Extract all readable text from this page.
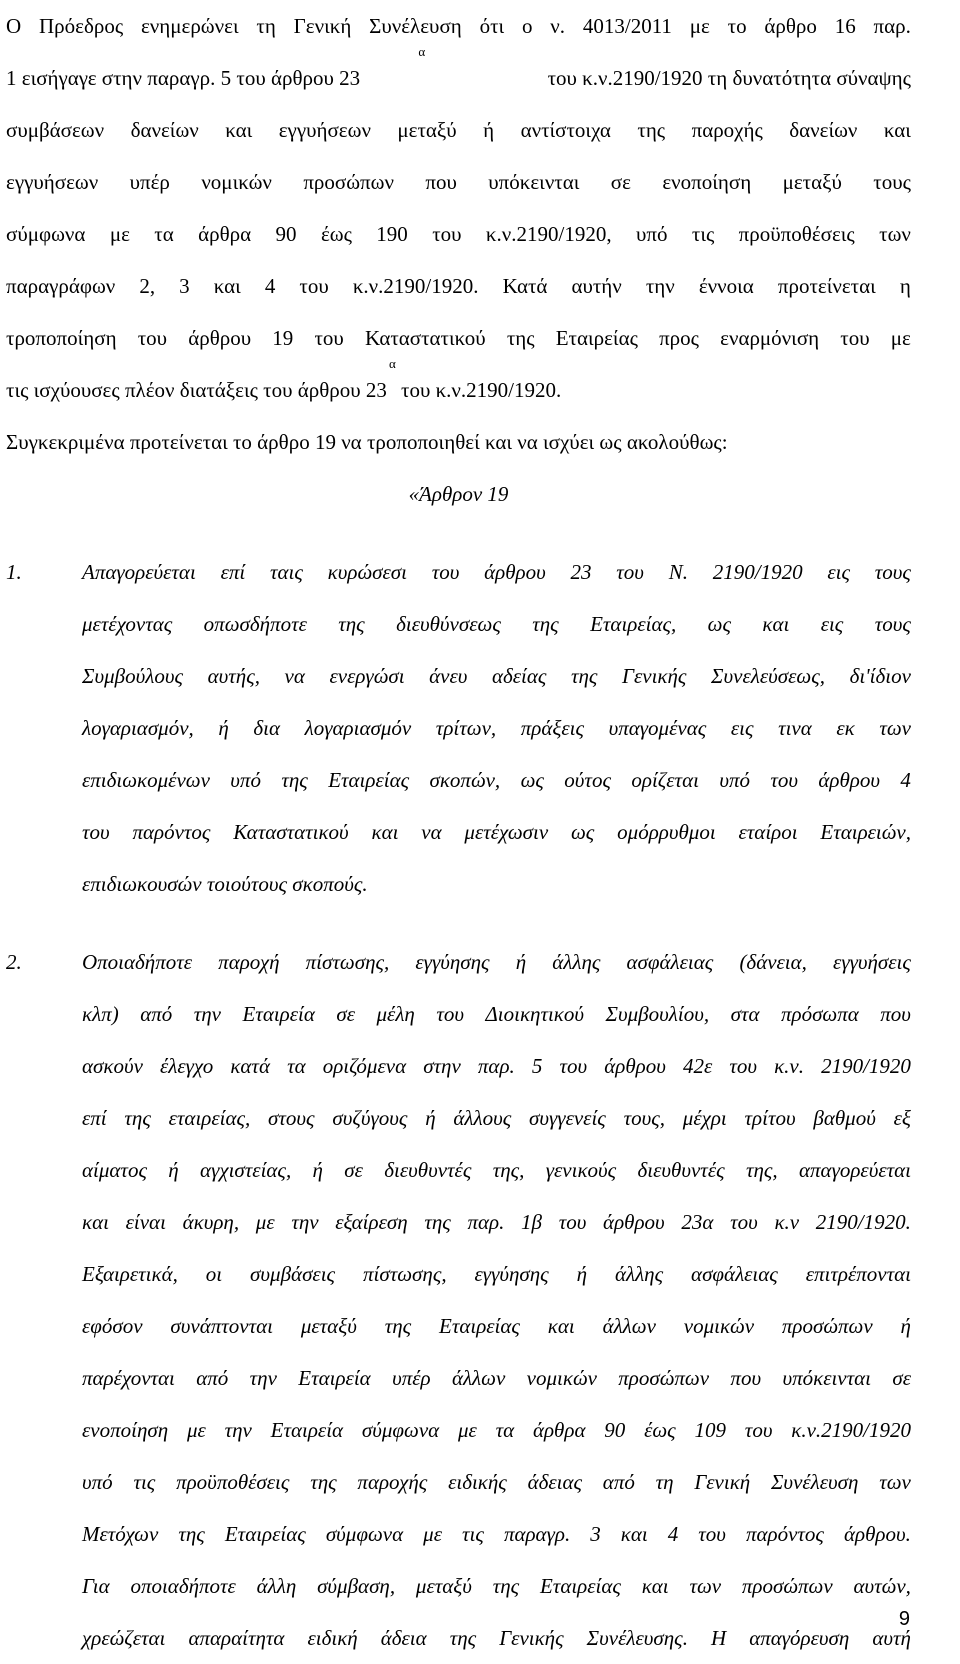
Ο Πρόεδρος ενημερώνει τη Γενική Συνέλευση ότι ο ν. 4013/2011 με το άρθρο 16 παρ.
1 εισήγαγε στην παραγρ. 5 του άρθρου 23
α
του κ.ν.2190/1920 τη δυνατότητα σύναψης
συμβάσεων δανείων και εγγυήσεων μεταξύ ή αντίστοιχα της παροχής δανείων και
εγγυήσεων υπέρ νομικών προσώπων που υπόκεινται σε ενοποίηση μεταξύ τους
σύμφωνα με τα άρθρα 90 έως 190 του κ.ν.2190/1920, υπό τις προϋποθέσεις των
παραγράφων 2, 3 και 4 του κ.ν.2190/1920. Κατά αυτήν την έννοια προτείνεται η
τροποποίηση του άρθρου 19 του Καταστατικού της Εταιρείας προς εναρμόνιση του με
τις ισχύουσες πλέον διατάξεις του άρθρου 23
α

του κ.ν.2190/1920.
Συγκεκριμένα προτείνεται το άρθρο 19 να τροποποιηθεί και να ισχύει ως ακολούθως:
«Άρθρον 19
1.	Απαγορεύεται επί ταις κυρώσεσι του άρθρου 23 του Ν. 2190/1920 εις τους
μετέχοντας οπωσδήποτε της διευθύνσεως της Εταιρείας, ως και εις τους
Συμβούλους αυτής, να ενεργώσι άνευ αδείας της Γενικής Συνελεύσεως, δι'ίδιον
λογαριασμόν, ή δια λογαριασμόν τρίτων, πράξεις υπαγομένας εις τινα εκ των
επιδιωκομένων υπό της Εταιρείας σκοπών, ως ούτος ορίζεται υπό του άρθρου 4
του παρόντος Καταστατικού και να μετέχωσιν ως ομόρρυθμοι εταίροι Εταιρειών,
επιδιωκουσών τοιούτους σκοπούς.
2.	Οποιαδήποτε παροχή πίστωσης, εγγύησης ή άλλης ασφάλειας (δάνεια, εγγυήσεις
κλπ) από την Εταιρεία σε μέλη του Διοικητικού Συμβουλίου, στα πρόσωπα που
ασκούν έλεγχο κατά τα οριζόμενα στην παρ. 5 του άρθρου 42ε του κ.ν. 2190/1920
επί της εταιρείας, στους συζύγους ή άλλους συγγενείς τους, μέχρι τρίτου βαθμού εξ
αίματος ή αγχιστείας, ή σε διευθυντές της, γενικούς διευθυντές της, απαγορεύεται
και είναι άκυρη, με την εξαίρεση της παρ. 1β του άρθρου 23α του κ.ν 2190/1920.
Εξαιρετικά, οι συμβάσεις πίστωσης, εγγύησης ή άλλης ασφάλειας επιτρέπονται
εφόσον συνάπτονται μεταξύ της Εταιρείας και άλλων νομικών προσώπων ή
παρέχονται από την Εταιρεία υπέρ άλλων νομικών προσώπων που υπόκεινται σε
ενοποίηση με την Εταιρεία σύμφωνα με τα άρθρα 90 έως 109 του κ.ν.2190/1920
υπό τις προϋποθέσεις της παροχής ειδικής άδειας από τη Γενική Συνέλευση των
Μετόχων της Εταιρείας σύμφωνα με τις παραγρ. 3 και 4 του παρόντος άρθρου.
Για οποιαδήποτε άλλη σύμβαση, μεταξύ της Εταιρείας και των προσώπων αυτών,
χρεώζεται απαραίτητα ειδική άδεια της Γενικής Συνέλευσης. Η απαγόρευση αυτή
9
